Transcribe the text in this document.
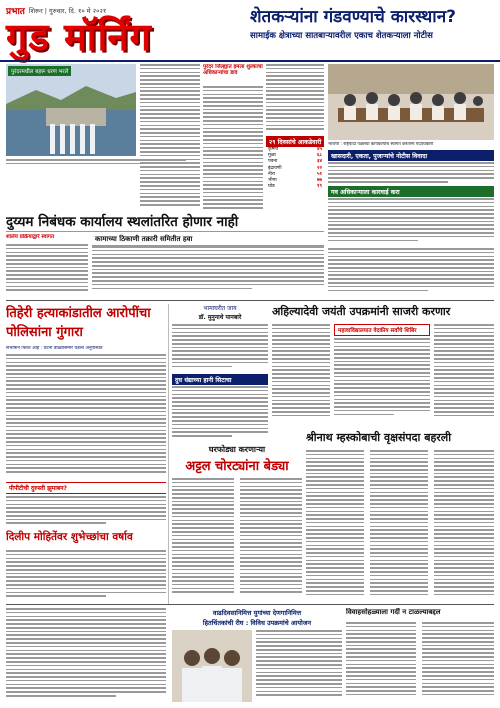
प्रभात शिरूर | गुरुवार, दि. १० मे २०२१
गुड मॉर्निंग	शेतकऱ्यांना गंडवण्याचे कारस्थान?
सामाईक क्षेत्राच्या सातबाऱ्यावरील एकाच शेतकऱ्याला नोटीस
पुरंदरमधील बहरू धरण भरले
पुरंदर जिल्ह्यात इमला शुल्काचा अधिकाऱ्यांचा डाव
२९ दिवसांचे आकडेवारी
कृष्णा	४५
मुळा	६८
पवना	३४
इंद्रायणी	२२
नीरा	५१
भीमा	७७
घोड	१९
भाजपा : राष्ट्रवादी पक्षाच्या कार्यकर्त्यांचे स्वागत करताना पदाधिकारी
खासदारी, एकता, पुजाऱ्यांचे नोटीस विवादा
गव अधिकाऱ्याला कारवाई करा
दुय्यम निबंधक कार्यालय स्थलांतरित होणार नाही
शालेय प्रक्रियाद्वारे स्वागत	कामाच्या ठिकाणी तक्रारी समितीत हवा
तिहेरी हत्याकांडातील आरोपींचा पोलिसांना गुंगारा
संभाषाने फिरत आहे : घटना डोळ्यांसमोर घडला अनुपस्थित
भामाघरीत जाय
डॉ. मुनुनाथे पानबारे
दुध धंद्याच्या हानी सिटाचा
अहिल्यादेवी जयंती उपक्रमांनी साजरी करणार
महावाविद्यालयात वेदकीय सर्वांचे शिबिर
घरफोड्या करणाऱ्या
अट्टल चोरट्यांना बेड्या
श्रीनाथ म्हस्कोबाची वृक्षसंपदा बहरली
पीपीटीची दुरुस्ती झुमाबन?
दिलीप मोहितेंवर शुभेच्छांचा वर्षाव
वाढदिवसानिमित्त युगांच्या देणगानिमित्त
हितचिंतकांची रीघ : विविध उपक्रमांचे आयोजन
विवाहसोहळ्याला गर्दी न टाळल्याबद्दल
